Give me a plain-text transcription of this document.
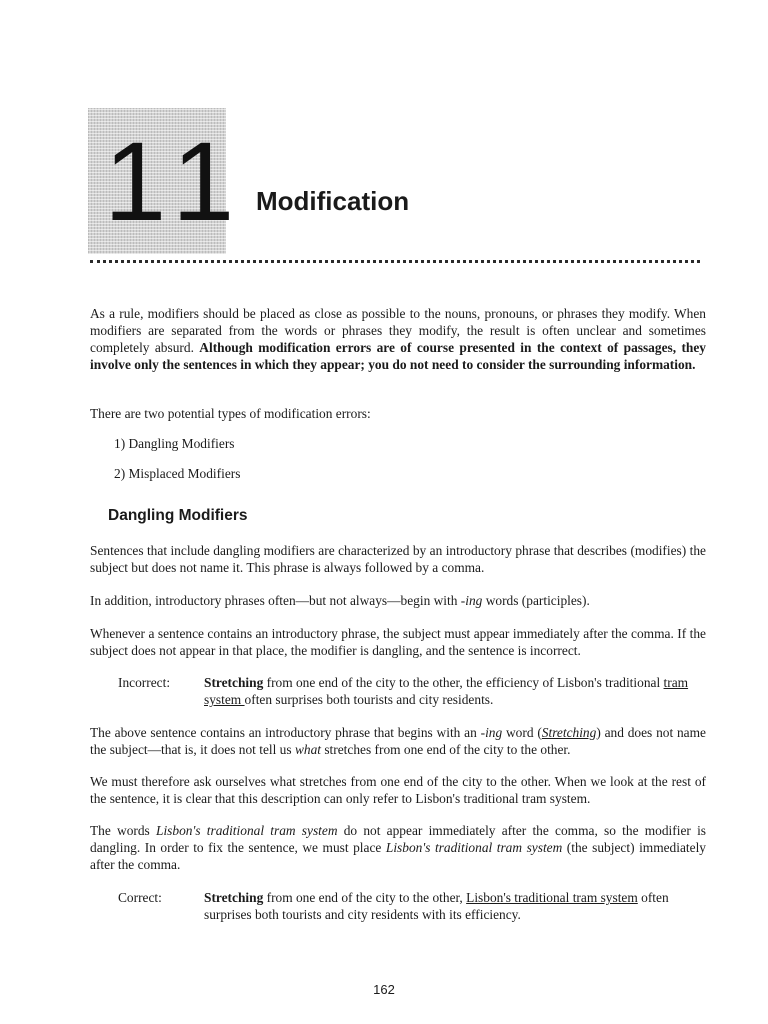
11 Modification

As a rule, modifiers should be placed as close as possible to the nouns, pronouns, or phrases they modify. When modifiers are separated from the words or phrases they modify, the result is often unclear and sometimes completely absurd. Although modification errors are of course presented in the context of passages, they involve only the sentences in which they appear; you do not need to consider the surrounding information.

There are two potential types of modification errors:

1) Dangling Modifiers
2) Misplaced Modifiers
Dangling Modifiers

Sentences that include dangling modifiers are characterized by an introductory phrase that describes (modifies) the subject but does not name it. This phrase is always followed by a comma.

In addition, introductory phrases often—but not always—begin with -ing words (participles).

Whenever a sentence contains an introductory phrase, the subject must appear immediately after the comma. If the subject does not appear in that place, the modifier is dangling, and the sentence is incorrect.

Incorrect:	Stretching from one end of the city to the other, the efficiency of Lisbon's traditional tram system often surprises both tourists and city residents.

The above sentence contains an introductory phrase that begins with an -ing word (Stretching) and does not name the subject—that is, it does not tell us what stretches from one end of the city to the other.

We must therefore ask ourselves what stretches from one end of the city to the other. When we look at the rest of the sentence, it is clear that this description can only refer to Lisbon's traditional tram system.

The words Lisbon's traditional tram system do not appear immediately after the comma, so the modifier is dangling. In order to fix the sentence, we must place Lisbon's traditional tram system (the subject) immediately after the comma.

Correct:	Stretching from one end of the city to the other, Lisbon's traditional tram system often surprises both tourists and city residents with its efficiency.
162
